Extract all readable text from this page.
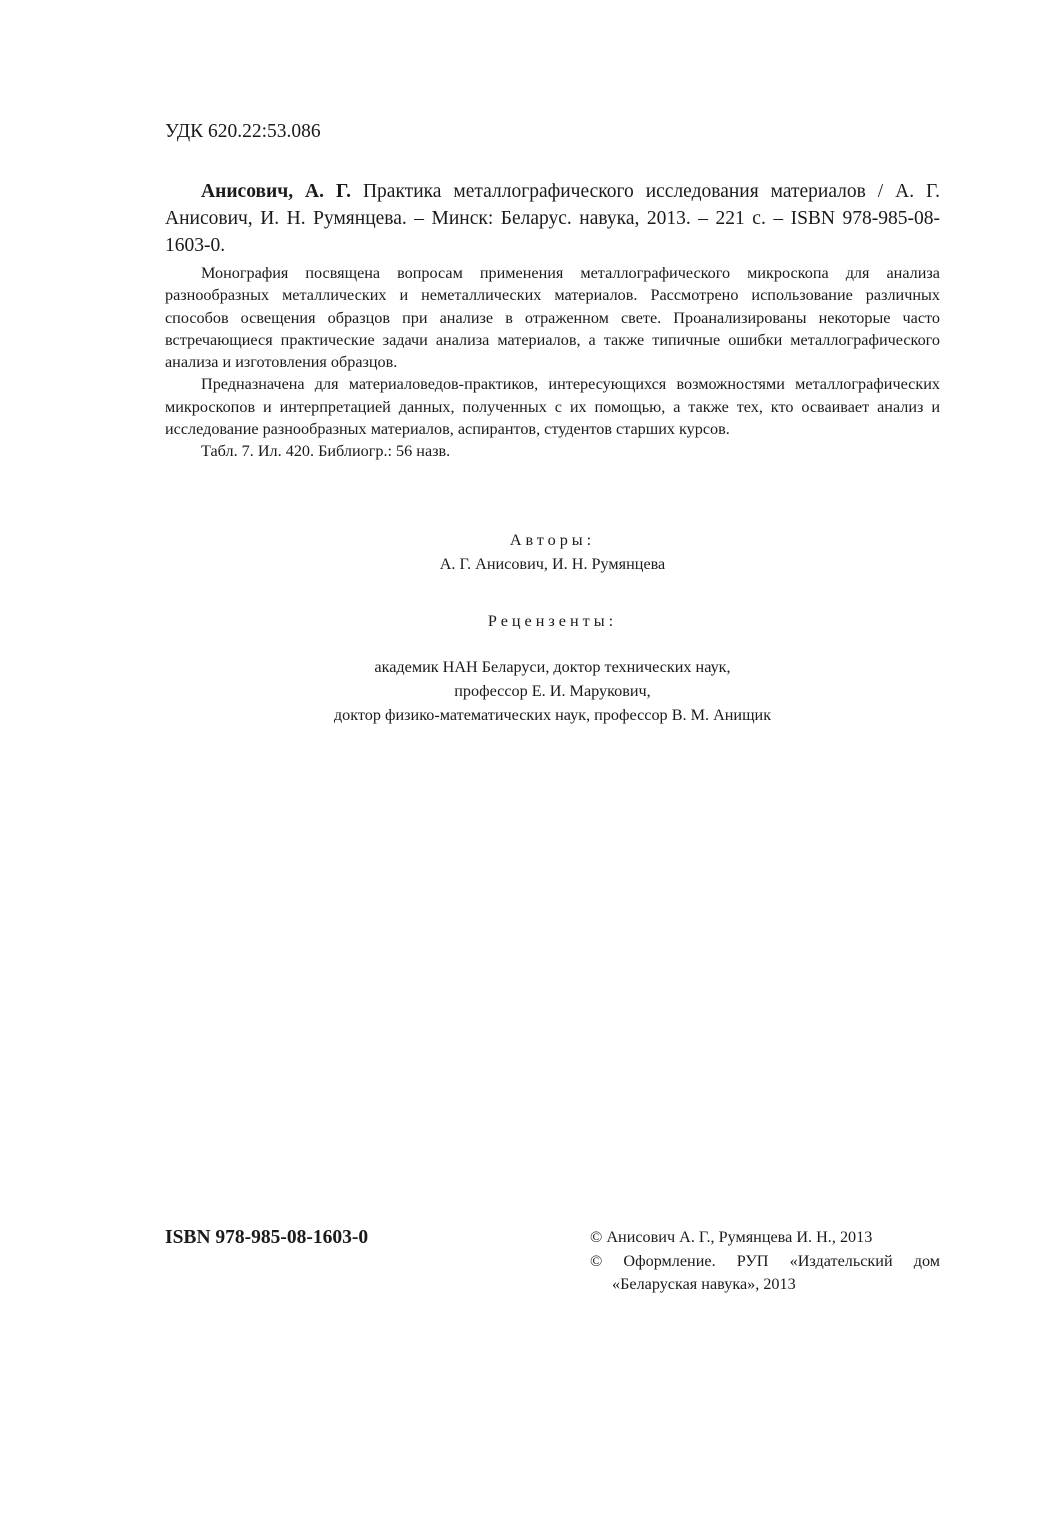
УДК 620.22:53.086
Анисович, А. Г. Практика металлографического исследования материалов / А. Г. Анисович, И. Н. Румянцева. – Минск: Беларус. навука, 2013. – 221 с. – ISBN 978-985-08-1603-0.

Монография посвящена вопросам применения металлографического микроскопа для анализа разнообразных металлических и неметаллических материалов. Рассмотрено использование различных способов освещения образцов при анализе в отраженном свете. Проанализированы некоторые часто встречающиеся практические задачи анализа материалов, а также типичные ошибки металлографического анализа и изготовления образцов.

Предназначена для материаловедов-практиков, интересующихся возможностями металлографических микроскопов и интерпретацией данных, полученных с их помощью, а также тех, кто осваивает анализ и исследование разнообразных материалов, аспирантов, студентов старших курсов.

Табл. 7. Ил. 420. Библиогр.: 56 назв.

Авторы:
А. Г. Анисович, И. Н. Румянцева
Рецензенты:
академик НАН Беларуси, доктор технических наук,
профессор Е. И. Марукович,
доктор физико-математических наук, профессор В. М. Анищик
ISBN 978-985-08-1603-0	© Анисович А. Г., Румянцева И. Н., 2013
© Оформление. РУП «Издательский дом
«Беларуская навука», 2013
